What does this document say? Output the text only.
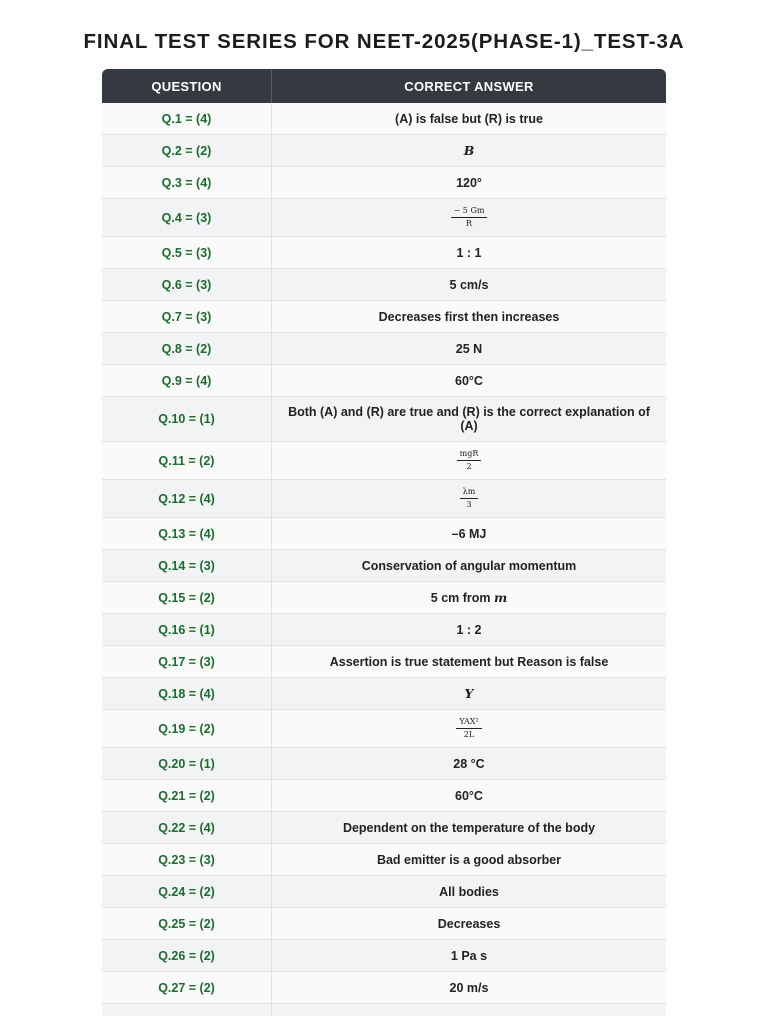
FINAL TEST SERIES FOR NEET-2025(PHASE-1)_TEST-3A
QUESTION	CORRECT ANSWER
Q.1 = (4)	(A) is false but (R) is true
Q.2 = (2)	B
Q.3 = (4)	120°
Q.4 = (3)	$\frac{- 5 Gm}{R}$

Q.5 = (3)	1 : 1
Q.6 = (3)	5 cm/s
Q.7 = (3)	Decreases first then increases
Q.8 = (2)	25 N
Q.9 = (4)	60°C
Q.10 = (1)	Both (A) and (R) are true and (R) is the correct explanation of (A)
Q.11 = (2)	$\frac{\text{mgR}}{2}$

Q.12 = (4)	$\frac{\lambda m}{3}$

Q.13 = (4)	–6 MJ
Q.14 = (3)	Conservation of angular momentum
Q.15 = (2)	5 cm from m
Q.16 = (1)	1 : 2
Q.17 = (3)	Assertion is true statement but Reason is false
Q.18 = (4)	Y
Q.19 = (2)	$\frac{\text{YAX²}}{2L}$

Q.20 = (1)	28 °C
Q.21 = (2)	60°C
Q.22 = (4)	Dependent on the temperature of the body
Q.23 = (3)	Bad emitter is a good absorber
Q.24 = (2)	All bodies
Q.25 = (2)	Decreases
Q.26 = (2)	1 Pa s
Q.27 = (2)	20 m/s
